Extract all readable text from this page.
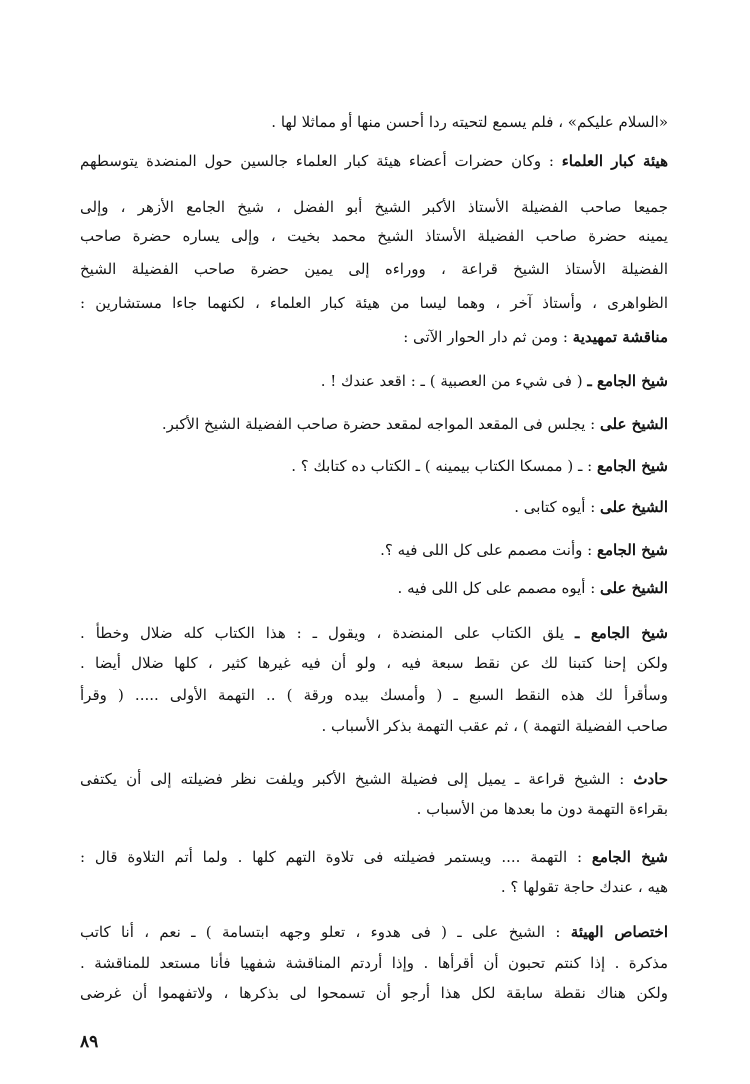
«السلام عليكم» ، فلم يسمع لتحيته ردا أحسن منها أو مماثلا لها .
هيئة كبار العلماء : وكان حضرات أعضاء هيئة كبار العلماء جالسين حول المنضدة يتوسطهم
جميعا صاحب الفضيلة الأستاذ الأكبر الشيخ أبو الفضل ، شيخ الجامع الأزهر ، وإلى
يمينه حضرة صاحب الفضيلة الأستاذ الشيخ محمد بخيت ، وإلى يساره حضرة صاحب
الفضيلة الأستاذ الشيخ قراعة ، ووراءه إلى يمين حضرة صاحب الفضيلة الشيخ
الظواهرى ، وأستاذ آخر ، وهما ليسا من هيئة كبار العلماء ، لكنهما جاءا مستشارين :
مناقشة تمهيدية : ومن ثم دار الحوار الآتى :
شيخ الجامع ـ ( فى شيء من العصبية ) ـ : اقعد عندك ! .
الشيخ على : يجلس فى المقعد المواجه لمقعد حضرة صاحب الفضيلة الشيخ الأكبر.
شيخ الجامع : ـ ( ممسكا الكتاب بيمينه ) ـ الكتاب ده كتابك ؟ .
الشيخ على : أيوه كتابى .
شيخ الجامع : وأنت مصمم على كل اللى فيه ؟.
الشيخ على : أيوه مصمم على كل اللى فيه .
شيخ الجامع ـ يلق الكتاب على المنضدة ، ويقول ـ : هذا الكتاب كله ضلال وخطأ .
ولكن إحنا كتبنا لك عن نقط سبعة فيه ، ولو أن فيه غيرها كثير ، كلها ضلال أيضا .
وسأقرأ لك هذه النقط السبع ـ ( وأمسك بيده ورقة ) .. التهمة الأولى ..... ( وقرأ
صاحب الفضيلة التهمة ) ، ثم عقب التهمة بذكر الأسباب .
حادث : الشيخ قراعة ـ يميل إلى فضيلة الشيخ الأكبر ويلفت نظر فضيلته إلى أن يكتفى
بقراءة التهمة دون ما بعدها من الأسباب .
شيخ الجامع : التهمة .... ويستمر فضيلته فى تلاوة التهم كلها . ولما أتم التلاوة قال :
هيه ، عندك حاجة تقولها ؟ .
اختصاص الهيئة : الشيخ على ـ ( فى هدوء ، تعلو وجهه ابتسامة ) ـ نعم ، أنا كاتب
مذكرة . إذا كنتم تحبون أن أقرأها . وإذا أردتم المناقشة شفهيا فأنا مستعد للمناقشة .
ولكن هناك نقطة سابقة لكل هذا أرجو أن تسمحوا لى بذكرها ، ولاتفهموا أن غرضى
٨٩
